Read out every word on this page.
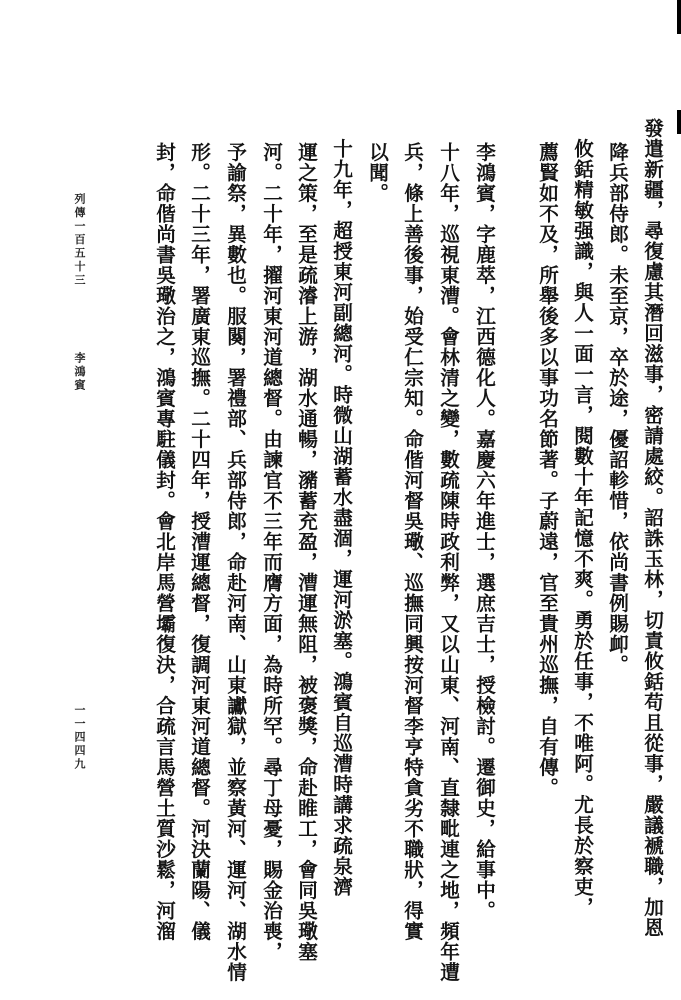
發遣新疆，尋復慮其潛回滋事，密請處絞。詔誅玉林，切責攸銛苟且從事，嚴議褫職，加恩
降兵部侍郎。未至京，卒於途，優詔軫惜，依尚書例賜卹。
　攸銛精敏强識，與人一面一言，閱數十年記憶不爽。勇於任事，不唯阿。尤長於察吏，
薦賢如不及，所舉後多以事功名節著。子蔚遠，官至貴州巡撫，自有傳。
李鴻賓，字鹿萃，江西德化人。嘉慶六年進士，選庶吉士，授檢討。遷御史，給事中。
十八年，巡視東漕。會林清之變，數疏陳時政利弊，又以山東、河南、直隸毗連之地，頻年遭
兵，條上善後事，始受仁宗知。命偕河督吳璥、巡撫同興按河督李亨特貪劣不職狀，得實
以聞。
　十九年，超授東河副總河。時微山湖蓄水盡涸，運河淤塞。鴻賓自巡漕時講求疏泉濟
運之策，至是疏濬上游，湖水通暢，瀦蓄充盈，漕運無阻，被褒獎，命赴睢工，會同吳璥塞
河。二十年，擢河東河道總督。由諫官不三年而膺方面，為時所罕。尋丁母憂，賜金治喪，
予諭祭，異數也。服闋，署禮部、兵部侍郎，命赴河南、山東讞獄，並察黃河、運河、湖水情
形。二十三年，署廣東巡撫。二十四年，授漕運總督，復調河東河道總督。河決蘭陽、儀
封，命偕尚書吳璥治之，鴻賓專駐儀封。會北岸馬營壩復決，合疏言馬營土質沙鬆，河溜
列傳一百五十三
李鴻賓
一一四四九
